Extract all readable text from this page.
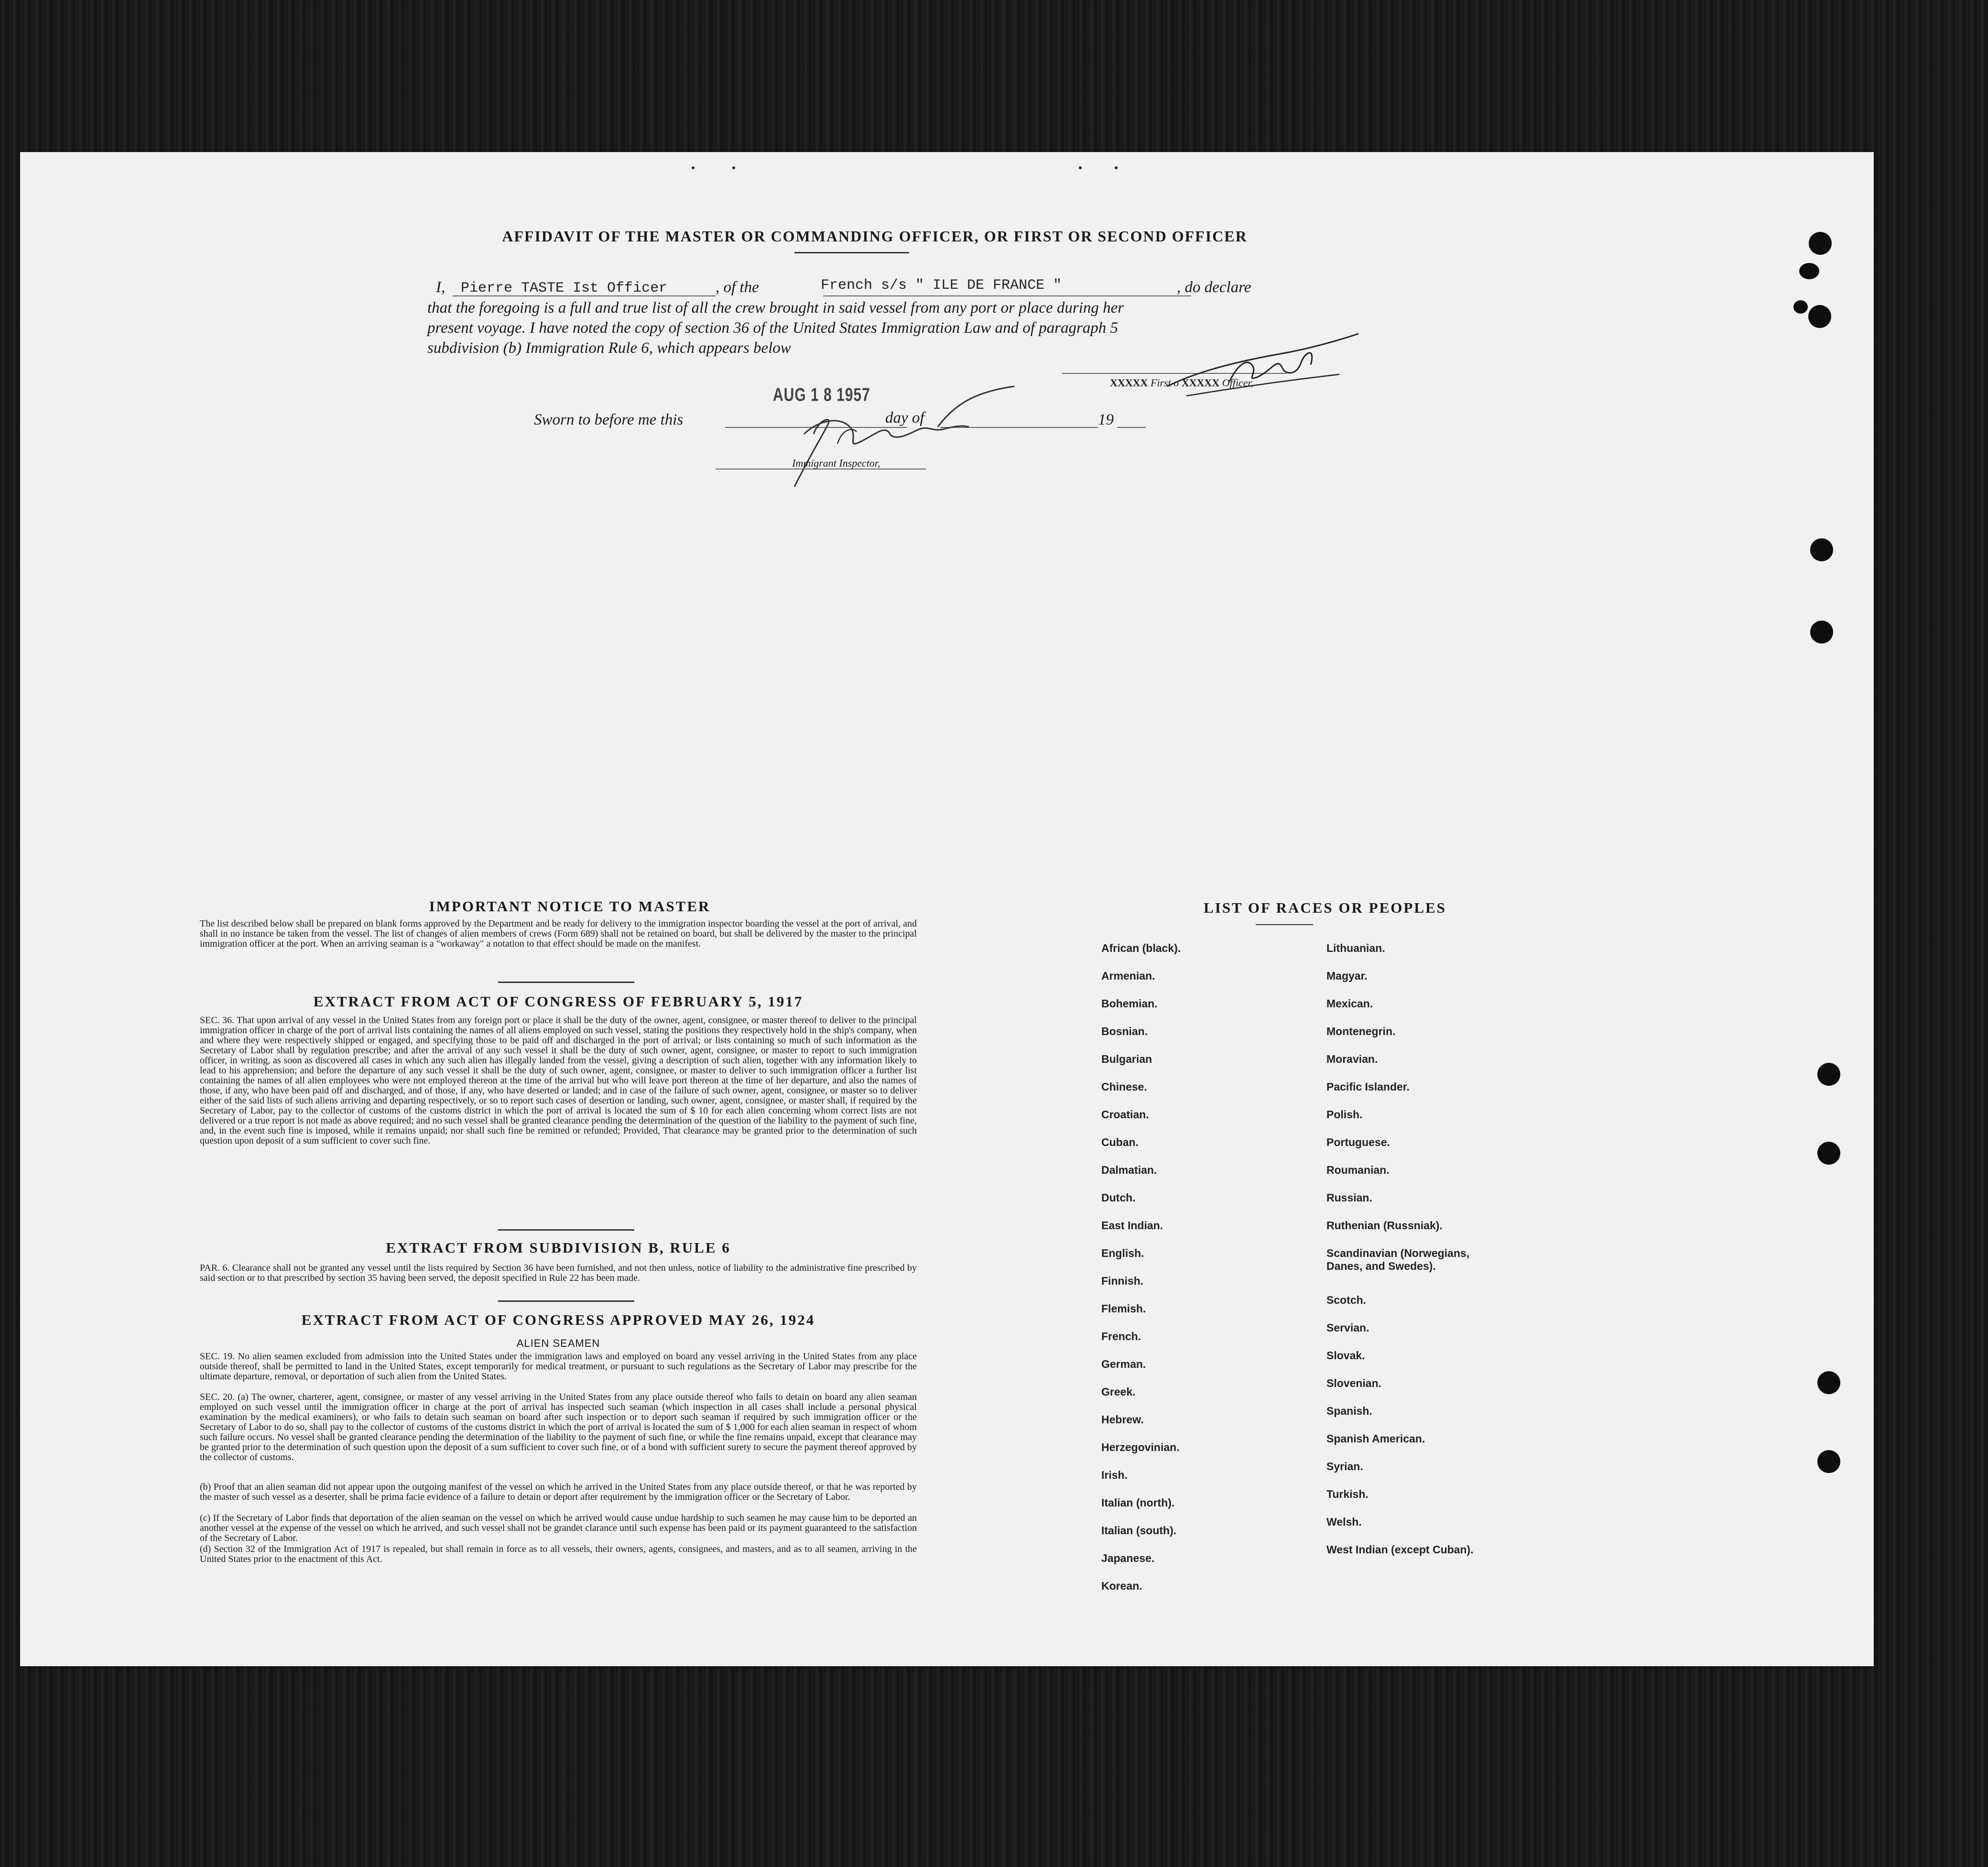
AFFIDAVIT OF THE MASTER OR COMMANDING OFFICER, OR FIRST OR SECOND OFFICER
I, Pierre TASTE Ist Officer	, of the	French s/s " ILE DE FRANCE "	, do declare
that the foregoing is a full and true list of all the crew brought in said vessel from any port or place during her
present voyage. I have noted the copy of section 36 of the United States Immigration Law and of paragraph 5
subdivision (b) Immigration Rule 6, which appears below
XXXXX First o XXXXX Officer,
AUG 1 8 1957
Sworn to before me this	day of	19
Immigrant Inspector,
IMPORTANT NOTICE TO MASTER
The list described below shall be prepared on blank forms approved by the Department and be ready for delivery to the immigration inspector boarding the vessel at the port of arrival, and shall in no instance be taken from the vessel. The list of changes of alien members of crews (Form 689) shall not be retained on board, but shall be delivered by the master to the principal immigration officer at the port. When an arriving seaman is a "workaway" a notation to that effect should be made on the manifest.
EXTRACT FROM ACT OF CONGRESS OF FEBRUARY 5, 1917
SEC. 36. That upon arrival of any vessel in the United States from any foreign port or place it shall be the duty of the owner, agent, consignee, or master thereof to deliver to the principal immigration officer in charge of the port of arrival lists containing the names of all aliens employed on such vessel, stating the positions they respectively hold in the ship's company, when and where they were respectively shipped or engaged, and specifying those to be paid off and discharged in the port of arrival; or lists containing so much of such information as the Secretary of Labor shall by regulation prescribe; and after the arrival of any such vessel it shall be the duty of such owner, agent, consignee, or master to report to such immigration officer, in writing, as soon as discovered all cases in which any such alien has illegally landed from the vessel, giving a description of such alien, together with any information likely to lead to his apprehension; and before the departure of any such vessel it shall be the duty of such owner, agent, consignee, or master to deliver to such immigration officer a further list containing the names of all alien employees who were not employed thereon at the time of the arrival but who will leave port thereon at the time of her departure, and also the names of those, if any, who have been paid off and discharged, and of those, if any, who have deserted or landed; and in case of the failure of such owner, agent, consignee, or master so to deliver either of the said lists of such aliens arriving and departing respectively, or so to report such cases of desertion or landing, such owner, agent, consignee, or master shall, if required by the Secretary of Labor, pay to the collector of customs of the customs district in which the port of arrival is located the sum of $ 10 for each alien concerning whom correct lists are not delivered or a true report is not made as above required; and no such vessel shall be granted clearance pending the determination of the question of the liability to the payment of such fine, and, in the event such fine is imposed, while it remains unpaid; nor shall such fine be remitted or refunded; Provided, That clearance may be granted prior to the determination of such question upon deposit of a sum sufficient to cover such fine.
EXTRACT FROM SUBDIVISION B, RULE 6
PAR. 6. Clearance shall not be granted any vessel until the lists required by Section 36 have been furnished, and not then unless, notice of liability to the administrative fine prescribed by said section or to that prescribed by section 35 having been served, the deposit specified in Rule 22 has been made.
EXTRACT FROM ACT OF CONGRESS APPROVED MAY 26, 1924
ALIEN SEAMEN
SEC. 19. No alien seamen excluded from admission into the United States under the immigration laws and employed on board any vessel arriving in the United States from any place outside thereof, shall be permitted to land in the United States, except temporarily for medical treatment, or pursuant to such regulations as the Secretary of Labor may prescribe for the ultimate departure, removal, or deportation of such alien from the United States.
SEC. 20. (a) The owner, charterer, agent, consignee, or master of any vessel arriving in the United States from any place outside thereof who fails to detain on board any alien seaman employed on such vessel until the immigration officer in charge at the port of arrival has inspected such seaman (which inspection in all cases shall include a personal physical examination by the medical examiners), or who fails to detain such seaman on board after such inspection or to deport such seaman if required by such immigration officer or the Secretary of Labor to do so, shall pay to the collector of customs of the customs district in which the port of arrival is located the sum of $ 1,000 for each alien seaman in respect of whom such failure occurs. No vessel shall be granted clearance pending the determination of the liability to the payment of such fine, or while the fine remains unpaid, except that clearance may be granted prior to the determination of such question upon the deposit of a sum sufficient to cover such fine, or of a bond with sufficient surety to secure the payment thereof approved by the collector of customs.
(b) Proof that an alien seaman did not appear upon the outgoing manifest of the vessel on which he arrived in the United States from any place outside thereof, or that he was reported by the master of such vessel as a deserter, shall be prima facie evidence of a failure to detain or deport after requirement by the immigration officer or the Secretary of Labor.
(c) If the Secretary of Labor finds that deportation of the alien seaman on the vessel on which he arrived would cause undue hardship to such seamen he may cause him to be deported an another vessel at the expense of the vessel on which he arrived, and such vessel shall not be grandet clarance until such expense has been paid or its payment guaranteed to the satisfaction of the Secretary of Labor.
(d) Section 32 of the Immigration Act of 1917 is repealed, but shall remain in force as to all vessels, their owners, agents, consignees, and masters, and as to all seamen, arriving in the United States prior to the enactment of this Act.
LIST OF RACES OR PEOPLES
African (black).
Armenian.
Bohemian.
Bosnian.
Bulgarian
Chinese.
Croatian.
Cuban.
Dalmatian.
Dutch.
East Indian.
English.
Finnish.
Flemish.
French.
German.
Greek.
Hebrew.
Herzegovinian.
Irish.
Italian (north).
Italian (south).
Japanese.
Korean.
Lithuanian.
Magyar.
Mexican.
Montenegrin.
Moravian.
Pacific Islander.
Polish.
Portuguese.
Roumanian.
Russian.
Ruthenian (Russniak).
Scandinavian (Norwegians, Danes, and Swedes).
Scotch.
Servian.
Slovak.
Slovenian.
Spanish.
Spanish American.
Syrian.
Turkish.
Welsh.
West Indian (except Cuban).
